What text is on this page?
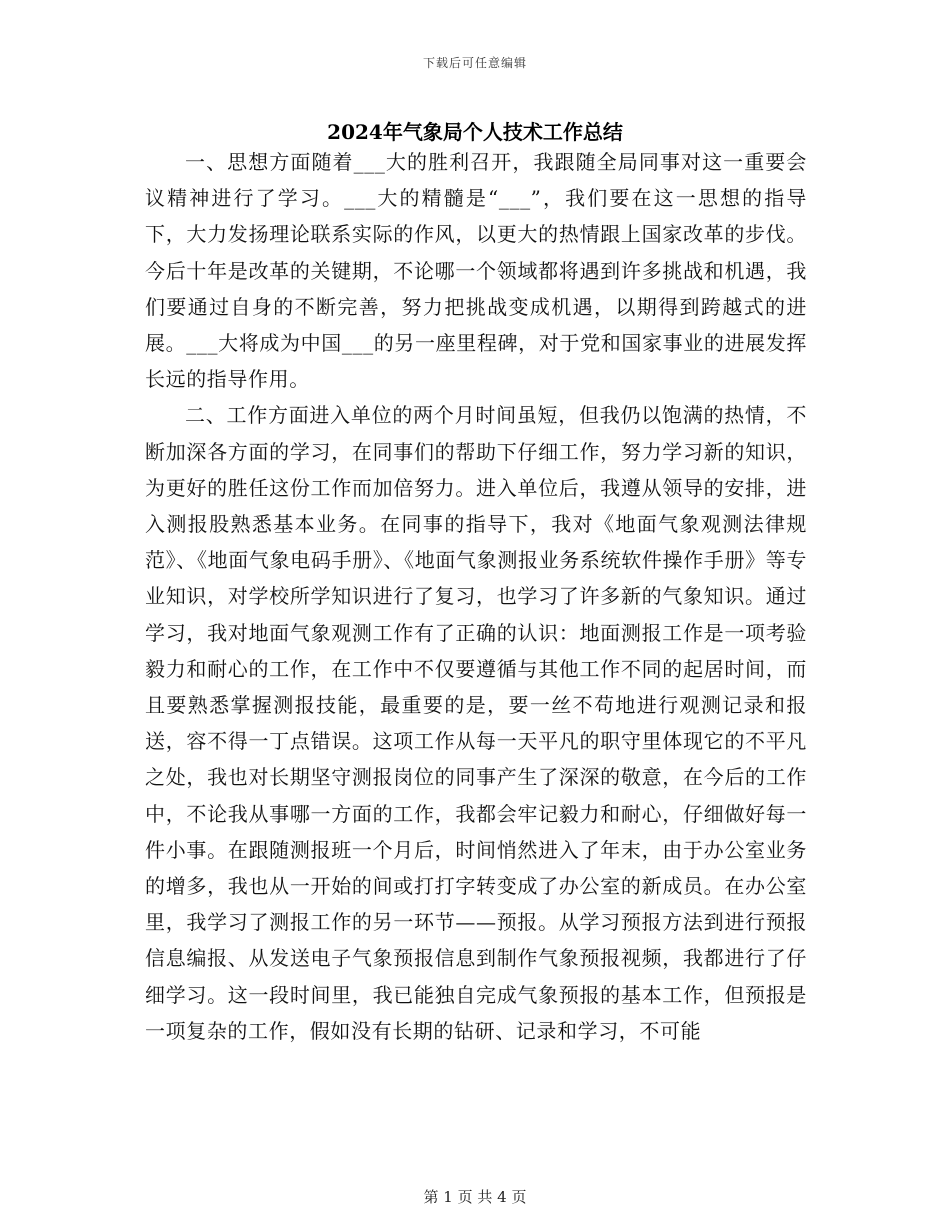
下载后可任意编辑
2024年气象局个人技术工作总结

一、思想方面随着___大的胜利召开，我跟随全局同事对这一重要会议精神进行了学习。___大的精髓是“___”，我们要在这一思想的指导下，大力发扬理论联系实际的作风，以更大的热情跟上国家改革的步伐。今后十年是改革的关键期，不论哪一个领域都将遇到许多挑战和机遇，我们要通过自身的不断完善，努力把挑战变成机遇，以期得到跨越式的进展。___大将成为中国___的另一座里程碑，对于党和国家事业的进展发挥长远的指导作用。

二、工作方面进入单位的两个月时间虽短，但我仍以饱满的热情，不断加深各方面的学习，在同事们的帮助下仔细工作，努力学习新的知识，为更好的胜任这份工作而加倍努力。进入单位后，我遵从领导的安排，进入测报股熟悉基本业务。在同事的指导下，我对《地面气象观测法律规范》、《地面气象电码手册》、《地面气象测报业务系统软件操作手册》等专业知识，对学校所学知识进行了复习，也学习了许多新的气象知识。通过学习，我对地面气象观测工作有了正确的认识：地面测报工作是一项考验毅力和耐心的工作，在工作中不仅要遵循与其他工作不同的起居时间，而且要熟悉掌握测报技能，最重要的是，要一丝不苟地进行观测记录和报送，容不得一丁点错误。这项工作从每一天平凡的职守里体现它的不平凡之处，我也对长期坚守测报岗位的同事产生了深深的敬意，在今后的工作中，不论我从事哪一方面的工作，我都会牢记毅力和耐心，仔细做好每一件小事。在跟随测报班一个月后，时间悄然进入了年末，由于办公室业务的增多，我也从一开始的间或打打字转变成了办公室的新成员。在办公室里，我学习了测报工作的另一环节——预报。从学习预报方法到进行预报信息编报、从发送电子气象预报信息到制作气象预报视频，我都进行了仔细学习。这一段时间里，我已能独自完成气象预报的基本工作，但预报是一项复杂的工作，假如没有长期的钻研、记录和学习，不可能

第 1 页 共 4 页
